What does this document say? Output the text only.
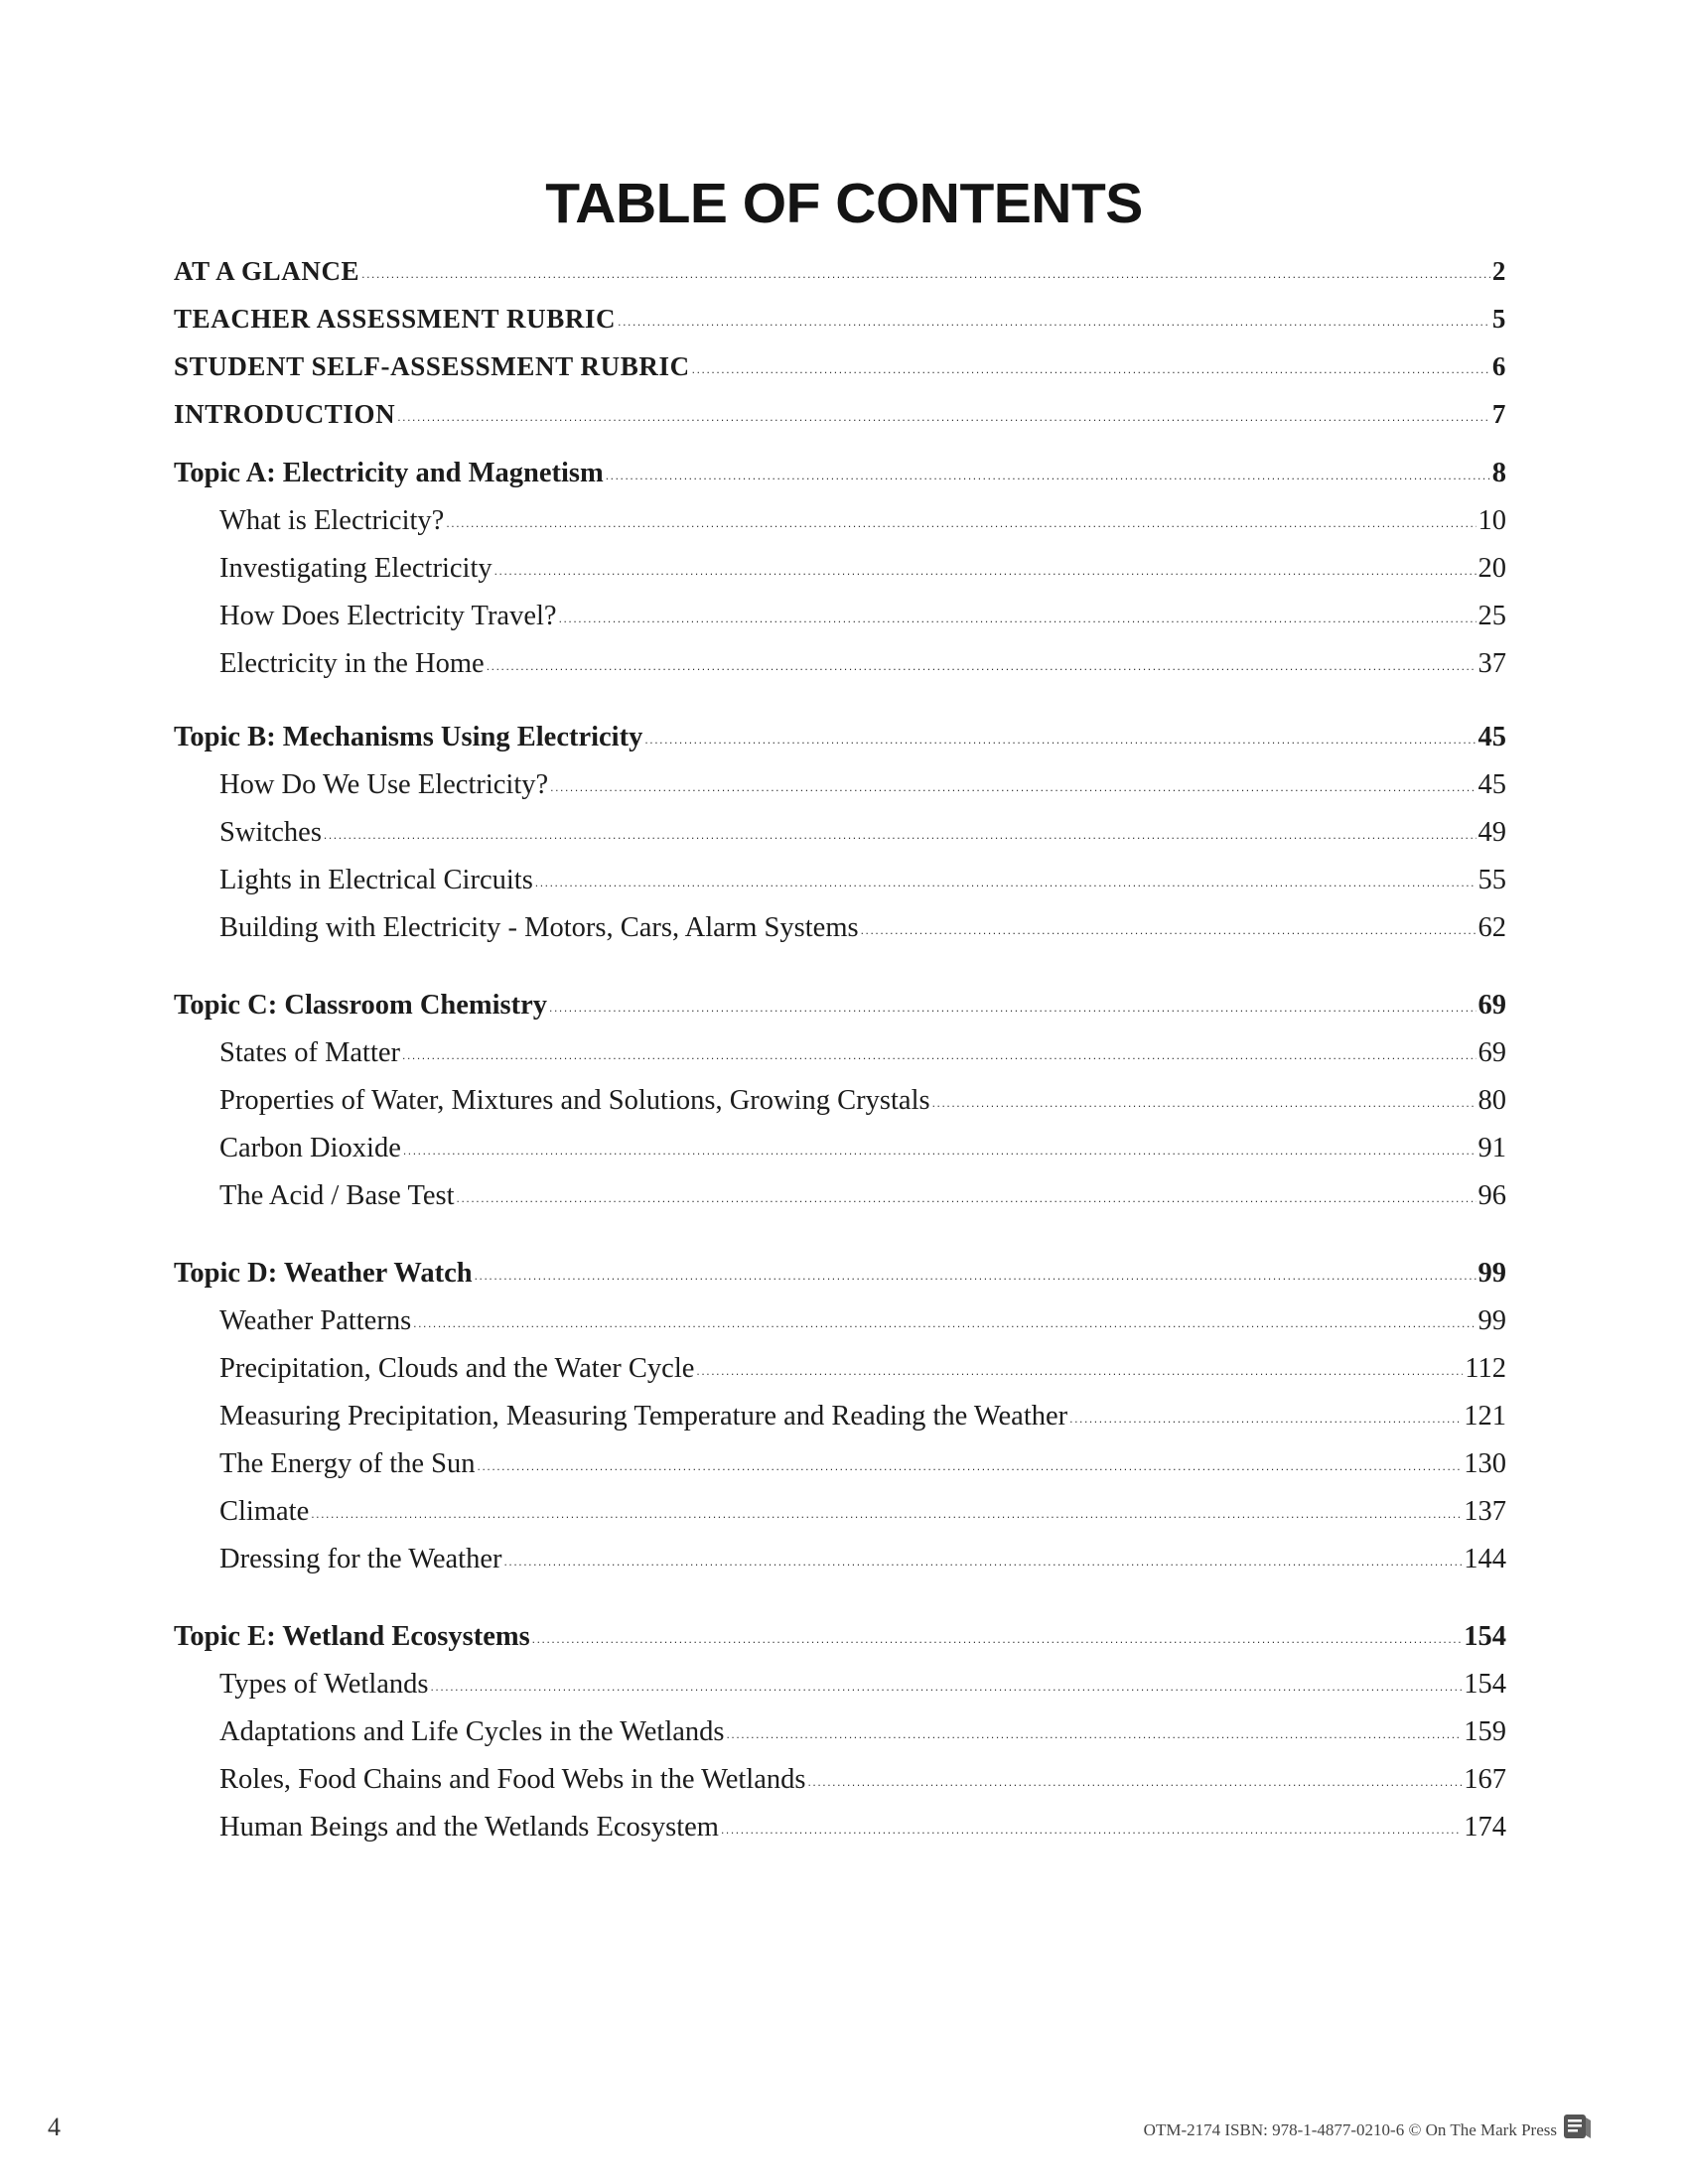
TABLE OF CONTENTS
AT A GLANCE .....	2
TEACHER ASSESSMENT RUBRIC .....	5
STUDENT SELF-ASSESSMENT RUBRIC .....	6
INTRODUCTION .....	7
Topic A: Electricity and Magnetism .....	8
What is Electricity? .....	10
Investigating Electricity .....	20
How Does Electricity Travel? .....	25
Electricity in the Home .....	37
Topic B: Mechanisms Using Electricity .....	45
How Do We Use Electricity? .....	45
Switches .....	49
Lights in Electrical Circuits .....	55
Building with Electricity - Motors, Cars, Alarm Systems .....	62
Topic C: Classroom Chemistry .....	69
States of Matter .....	69
Properties of Water, Mixtures and Solutions, Growing Crystals .....	80
Carbon Dioxide .....	91
The Acid / Base Test .....	96
Topic D: Weather Watch .....	99
Weather Patterns .....	99
Precipitation, Clouds and the Water Cycle .....	112
Measuring Precipitation, Measuring Temperature and Reading the Weather .....	121
The Energy of the Sun .....	130
Climate .....	137
Dressing for the Weather .....	144
Topic E: Wetland Ecosystems .....	154
Types of Wetlands .....	154
Adaptations and Life Cycles in the Wetlands .....	159
Roles, Food Chains and Food Webs in the Wetlands .....	167
Human Beings and the Wetlands Ecosystem .....	174
4	OTM-2174 ISBN: 978-1-4877-0210-6 © On The Mark Press
